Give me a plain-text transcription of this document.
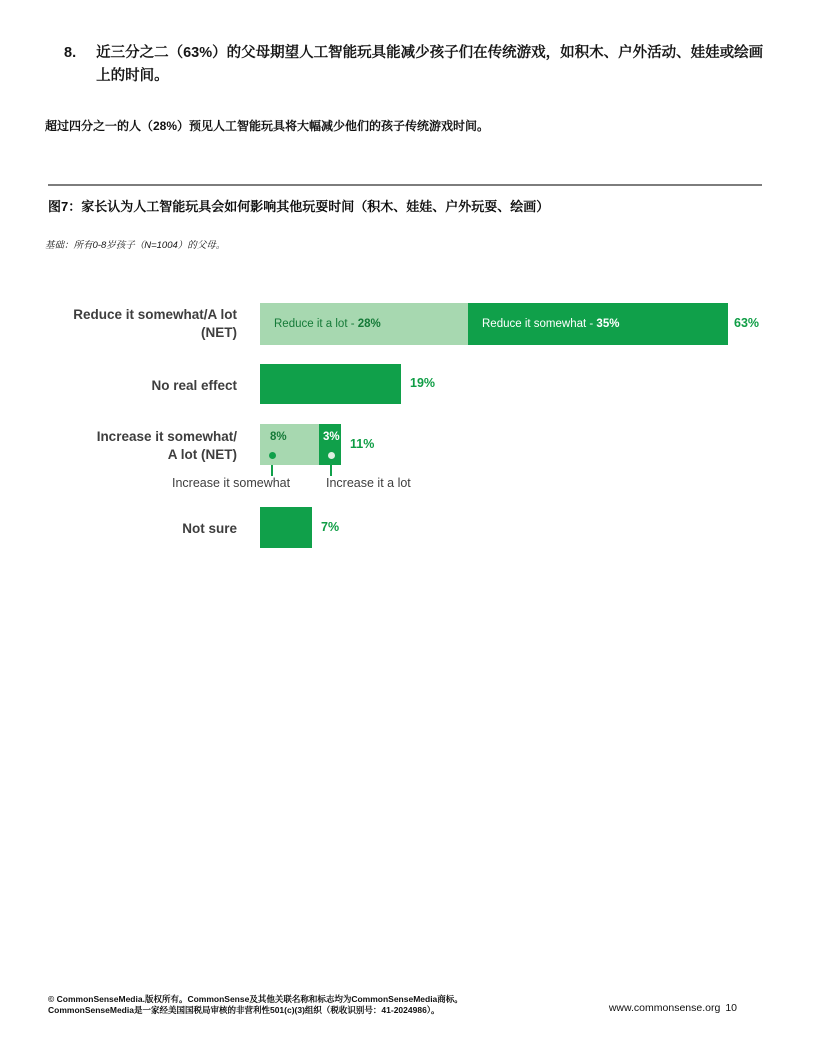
8. 近三分之二（63%）的父母期望人工智能玩具能减少孩子们在传统游戏，如积木、户外活动、娃娃或绘画上的时间。
超过四分之一的人（28%）预见人工智能玩具将大幅减少他们的孩子传统游戏时间。
图7：家长认为人工智能玩具会如何影响其他玩耍时间（积木、娃娃、户外玩耍、绘画）
基础：所有0-8岁孩子（N=1004）的父母。
Reduce it somewhat/A lot
(NET)
Reduce it a lot - 28%	Reduce it somewhat - 35%	63%
No real effect	19%
Increase it somewhat/
A lot (NET)
8%	3% 11%
Increase it somewhat	Increase it a lot
Not sure	7%
© CommonSenseMedia.版权所有。CommonSense及其他关联名称和标志均为CommonSenseMedia商标。
CommonSenseMedia是一家经美国国税局审核的非营利性501(c)(3)组织（税收识别号：41-2024986）。	www.commonsense.org 10
